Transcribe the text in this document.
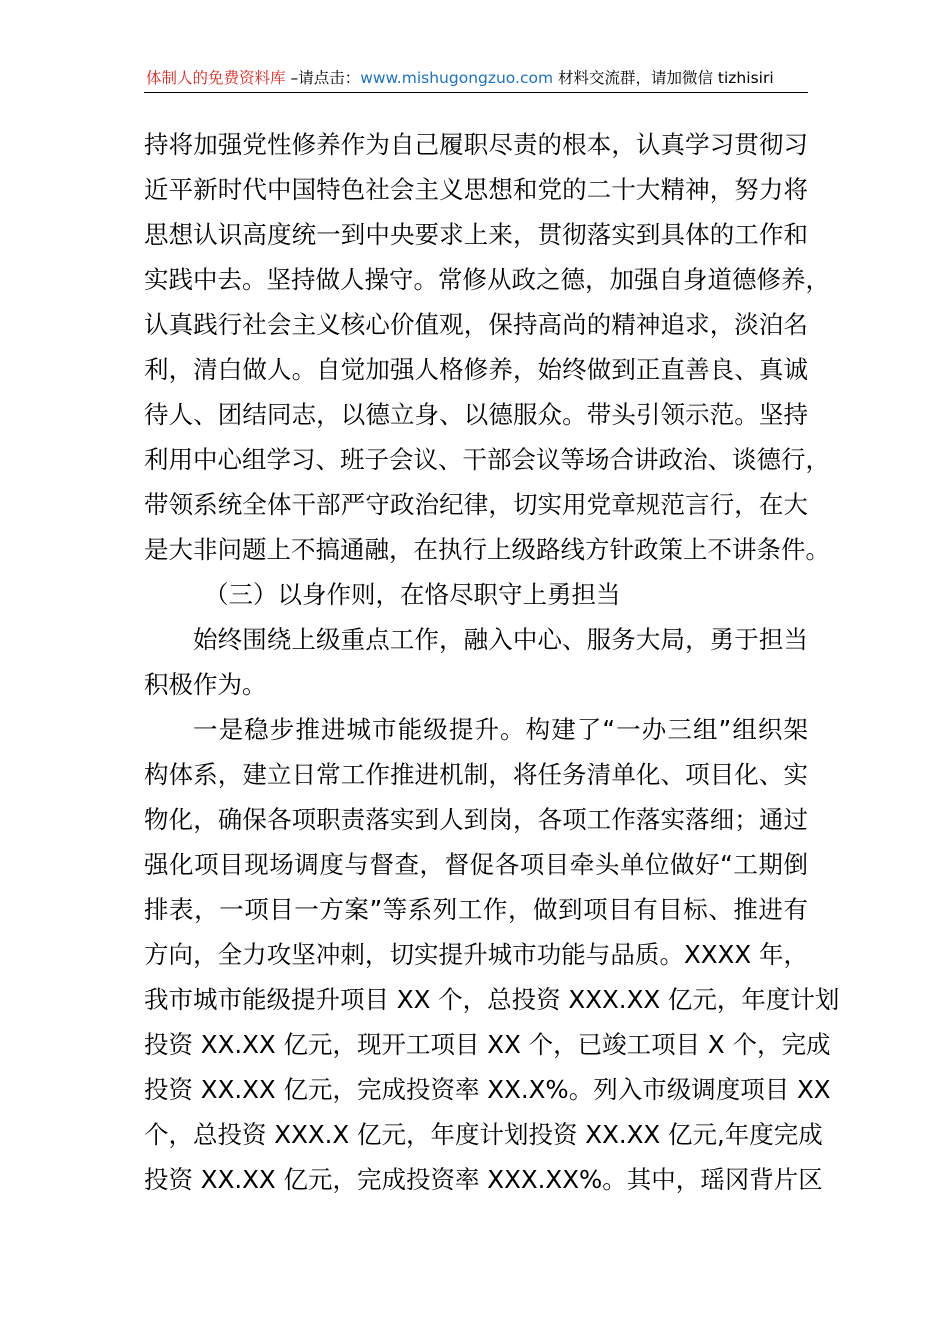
体制人的免费资料库 –请点击：www.mishugongzuo.com 材料交流群，请加微信 tizhisiri
持将加强党性修养作为自己履职尽责的根本，认真学习贯彻习
近平新时代中国特色社会主义思想和党的二十大精神，努力将
思想认识高度统一到中央要求上来，贯彻落实到具体的工作和
实践中去。坚持做人操守。常修从政之德，加强自身道德修养，
认真践行社会主义核心价值观，保持高尚的精神追求，淡泊名
利，清白做人。自觉加强人格修养，始终做到正直善良、真诚
待人、团结同志，以德立身、以德服众。带头引领示范。坚持
利用中心组学习、班子会议、干部会议等场合讲政治、谈德行，
带领系统全体干部严守政治纪律，切实用党章规范言行，在大
是大非问题上不搞通融，在执行上级路线方针政策上不讲条件。
（三）以身作则，在恪尽职守上勇担当
始终围绕上级重点工作，融入中心、服务大局，勇于担当
积极作为。
一是稳步推进城市能级提升。构建了“一办三组”组织架
构体系，建立日常工作推进机制，将任务清单化、项目化、实
物化，确保各项职责落实到人到岗，各项工作落实落细；通过
强化项目现场调度与督查，督促各项目牵头单位做好“工期倒
排表，一项目一方案”等系列工作，做到项目有目标、推进有
方向，全力攻坚冲刺，切实提升城市功能与品质。XXXX 年，
我市城市能级提升项目 XX 个，总投资 XXX.XX 亿元，年度计划
投资 XX.XX 亿元，现开工项目 XX 个，已竣工项目 X 个，完成
投资 XX.XX 亿元，完成投资率 XX.X%。列入市级调度项目 XX
个，总投资 XXX.X 亿元，年度计划投资 XX.XX 亿元,年度完成
投资 XX.XX 亿元，完成投资率 XXX.XX%。其中，瑶冈背片区
